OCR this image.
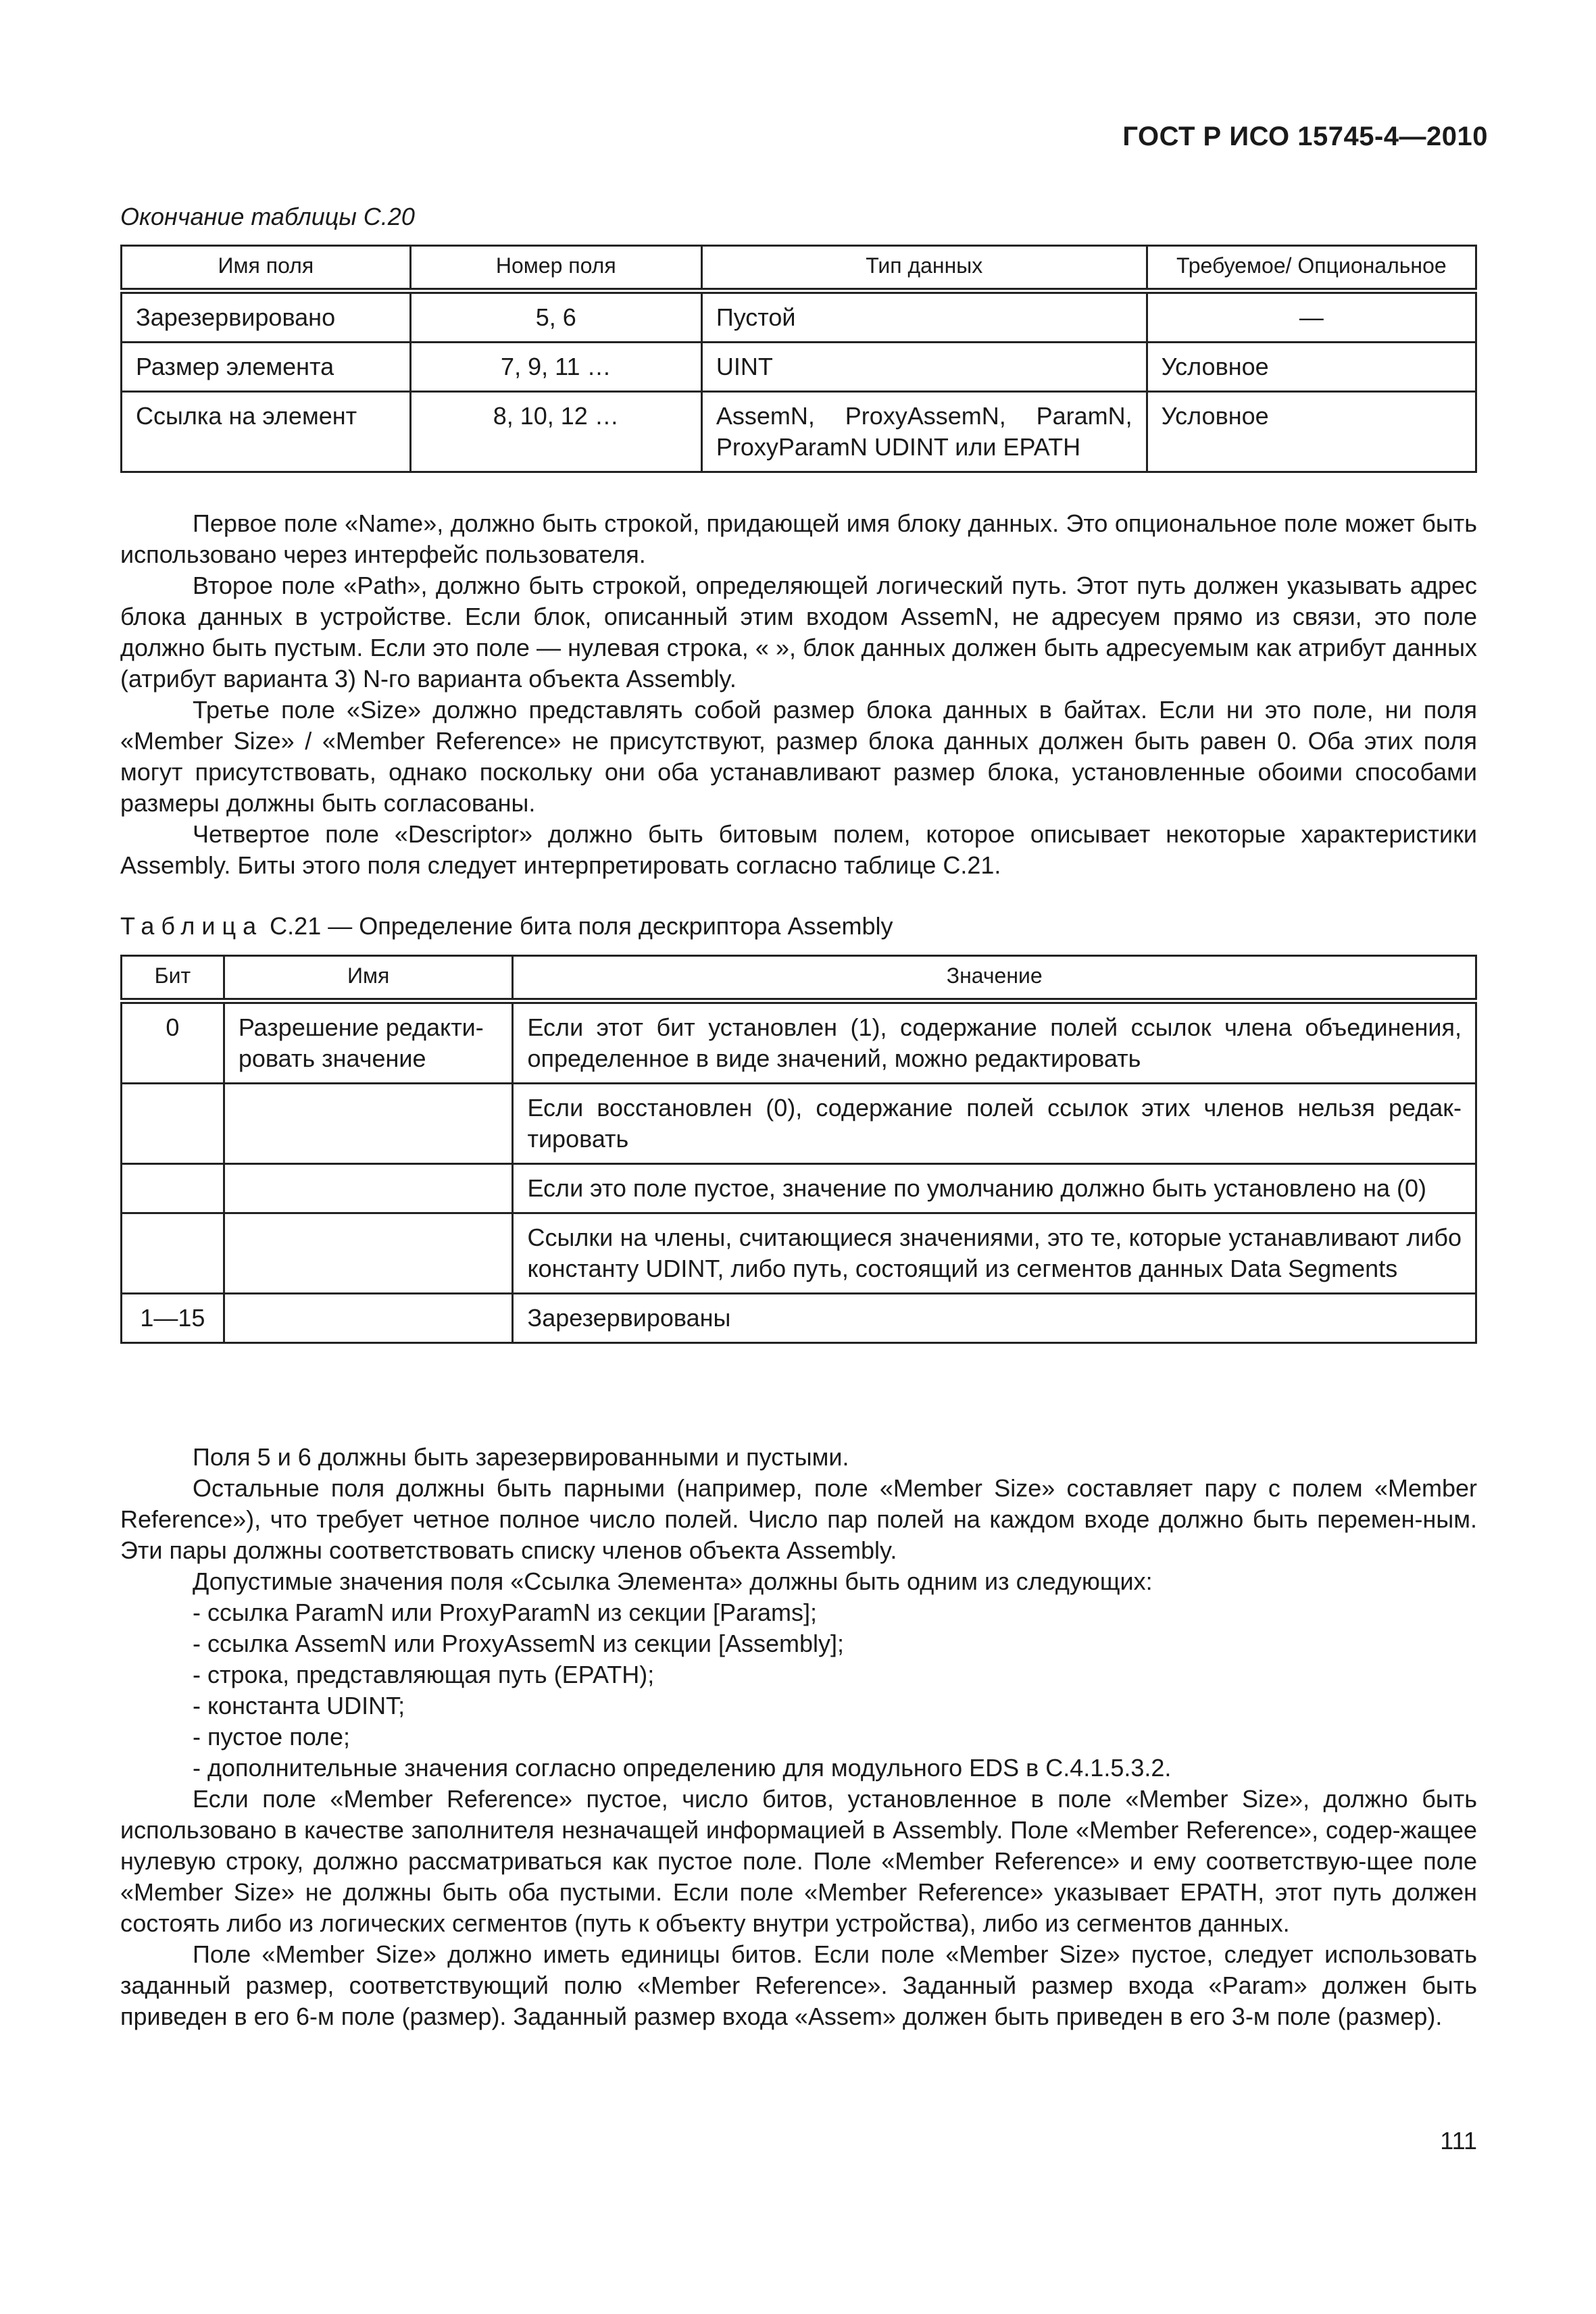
ГОСТ Р ИСО 15745-4—2010
Окончание таблицы С.20
Имя поля	Номер поля	Тип данных	Требуемое/ Опциональное
Зарезервировано	5, 6	Пустой	—
Размер элемента	7, 9, 11 …	UINT	Условное
Ссылка на элемент	8, 10, 12 …	AssemN, ProxyAssemN, ParamN, ProxyParamN UDINT или EPATH	Условное

Первое поле «Name», должно быть строкой, придающей имя блоку данных. Это опциональное поле может быть использовано через интерфейс пользователя.

Второе поле «Path», должно быть строкой, определяющей логический путь. Этот путь должен указывать адрес блока данных в устройстве. Если блок, описанный этим входом AssemN, не адресуем прямо из связи, это поле должно быть пустым. Если это поле — нулевая строка, « », блок данных должен быть адресуемым как атрибут данных (атрибут варианта 3) N-го варианта объекта Assembly.

Третье поле «Size» должно представлять собой размер блока данных в байтах. Если ни это поле, ни поля «Member Size» / «Member Reference» не присутствуют, размер блока данных должен быть равен 0. Оба этих поля могут присутствовать, однако поскольку они оба устанавливают размер блока, установленные обоими способами размеры должны быть согласованы.

Четвертое поле «Descriptor» должно быть битовым полем, которое описывает некоторые характеристики Assembly. Биты этого поля следует интерпретировать согласно таблице С.21.

Таблица С.21 — Определение бита поля дескриптора Assembly
Бит	Имя	Значение
0	Разрешение редакти-ровать значение	Если этот бит установлен (1), содержание полей ссылок члена объединения, определенное в виде значений, можно редактировать
		Если восстановлен (0), содержание полей ссылок этих членов нельзя редак-тировать
		Если это поле пустое, значение по умолчанию должно быть установлено на (0)
		Ссылки на члены, считающиеся значениями, это те, которые устанавливают либо константу UDINT, либо путь, состоящий из сегментов данных Data Segments
1—15		Зарезервированы

Поля 5 и 6 должны быть зарезервированными и пустыми.

Остальные поля должны быть парными (например, поле «Member Size» составляет пару с полем «Member Reference»), что требует четное полное число полей. Число пар полей на каждом входе должно быть перемен-ным. Эти пары должны соответствовать списку членов объекта Assembly.

Допустимые значения поля «Ссылка Элемента» должны быть одним из следующих:

- ссылка ParamN или ProxyParamN из секции [Params];

- ссылка AssemN или ProxyAssemN из секции [Assembly];

- строка, представляющая путь (EPATH);

- константа UDINT;

- пустое поле;

- дополнительные значения согласно определению для модульного EDS в С.4.1.5.3.2.

Если поле «Member Reference» пустое, число битов, установленное в поле «Member Size», должно быть использовано в качестве заполнителя незначащей информацией в Assembly. Поле «Member Reference», содер-жащее нулевую строку, должно рассматриваться как пустое поле. Поле «Member Reference» и ему соответствую-щее поле «Member Size» не должны быть оба пустыми. Если поле «Member Reference» указывает EPATH, этот путь должен состоять либо из логических сегментов (путь к объекту внутри устройства), либо из сегментов данных.

Поле «Member Size» должно иметь единицы битов. Если поле «Member Size» пустое, следует использовать заданный размер, соответствующий полю «Member Reference». Заданный размер входа «Param» должен быть приведен в его 6-м поле (размер). Заданный размер входа «Assem» должен быть приведен в его 3-м поле (размер).

111
